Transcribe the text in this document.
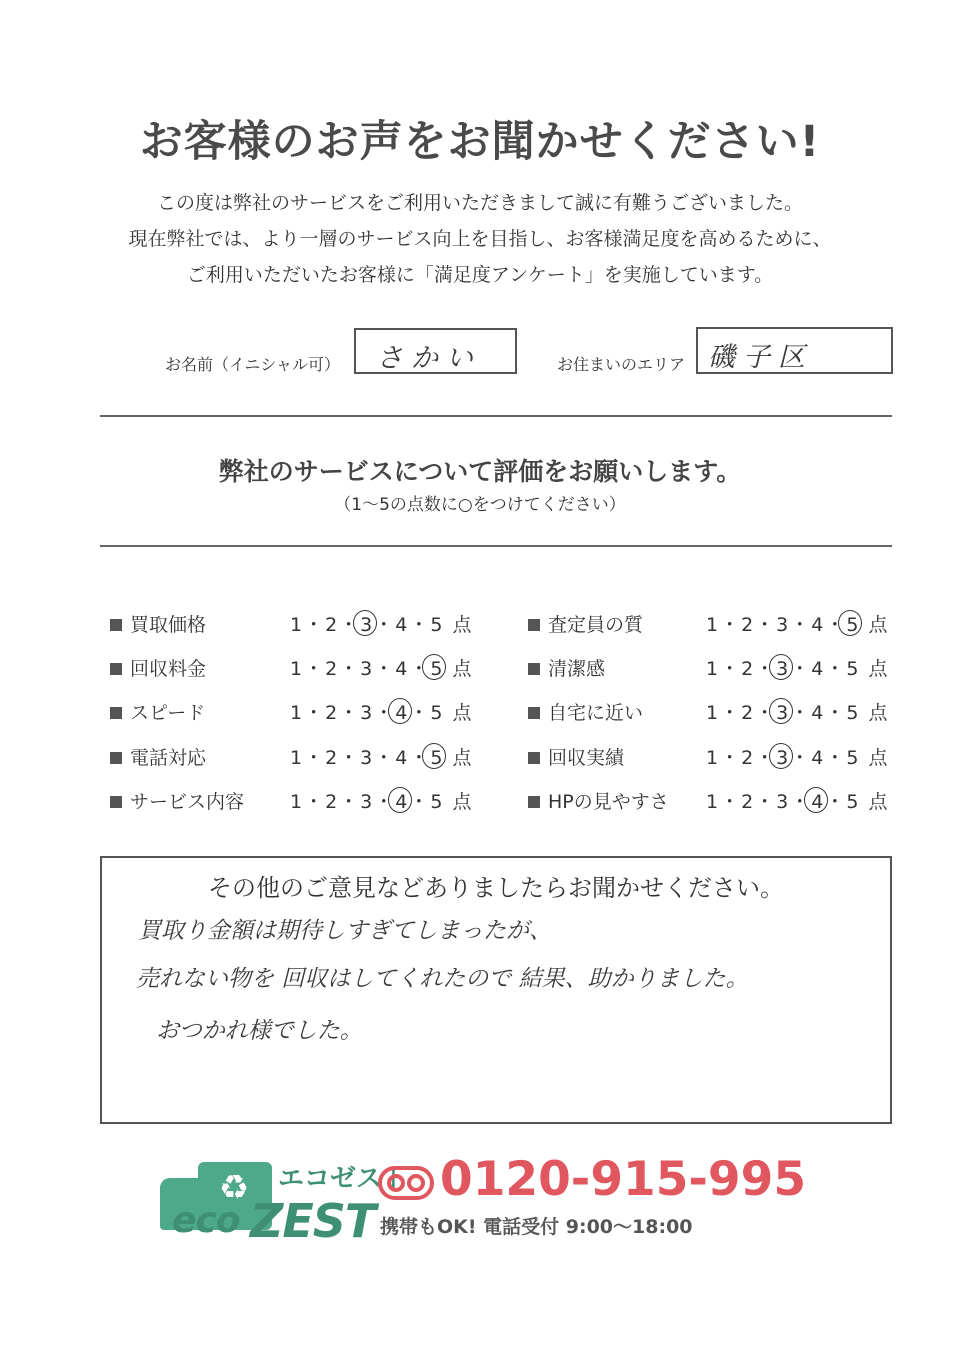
お客様のお声をお聞かせください!
この度は弊社のサービスをご利用いただきまして誠に有難うございました。
現在弊社では、より一層のサービス向上を目指し、お客様満足度を高めるために、
ご利用いただいたお客様に「満足度アンケート」を実施しています。
お名前（イニシャル可） さかい	お住まいのエリア 磯子区
弊社のサービスについて評価をお願いします。
（1～5の点数に○をつけてください）
買取価格	1・2・3・4・5 点
回収料金	1・2・3・4・5 点
スピード	1・2・3・4・5 点
電話対応	1・2・3・4・5 点
サービス内容 1・2・3・4・5 点
査定員の質	1・2・3・4・5 点
清潔感	1・2・3・4・5 点
自宅に近い	1・2・3・4・5 点
回収実績	1・2・3・4・5 点
HPの見やすさ 1・2・3・4・5 点
その他のご意見などありましたらお聞かせください。
買取り金額は期待しすぎてしまったが、
売れない物を 回収はしてくれたので 結果、助かりました。
おつかれ様でした。
♻ エコゼスト
eco ZEST
0120-915-995
携帯もOK! 電話受付 9:00～18:00
